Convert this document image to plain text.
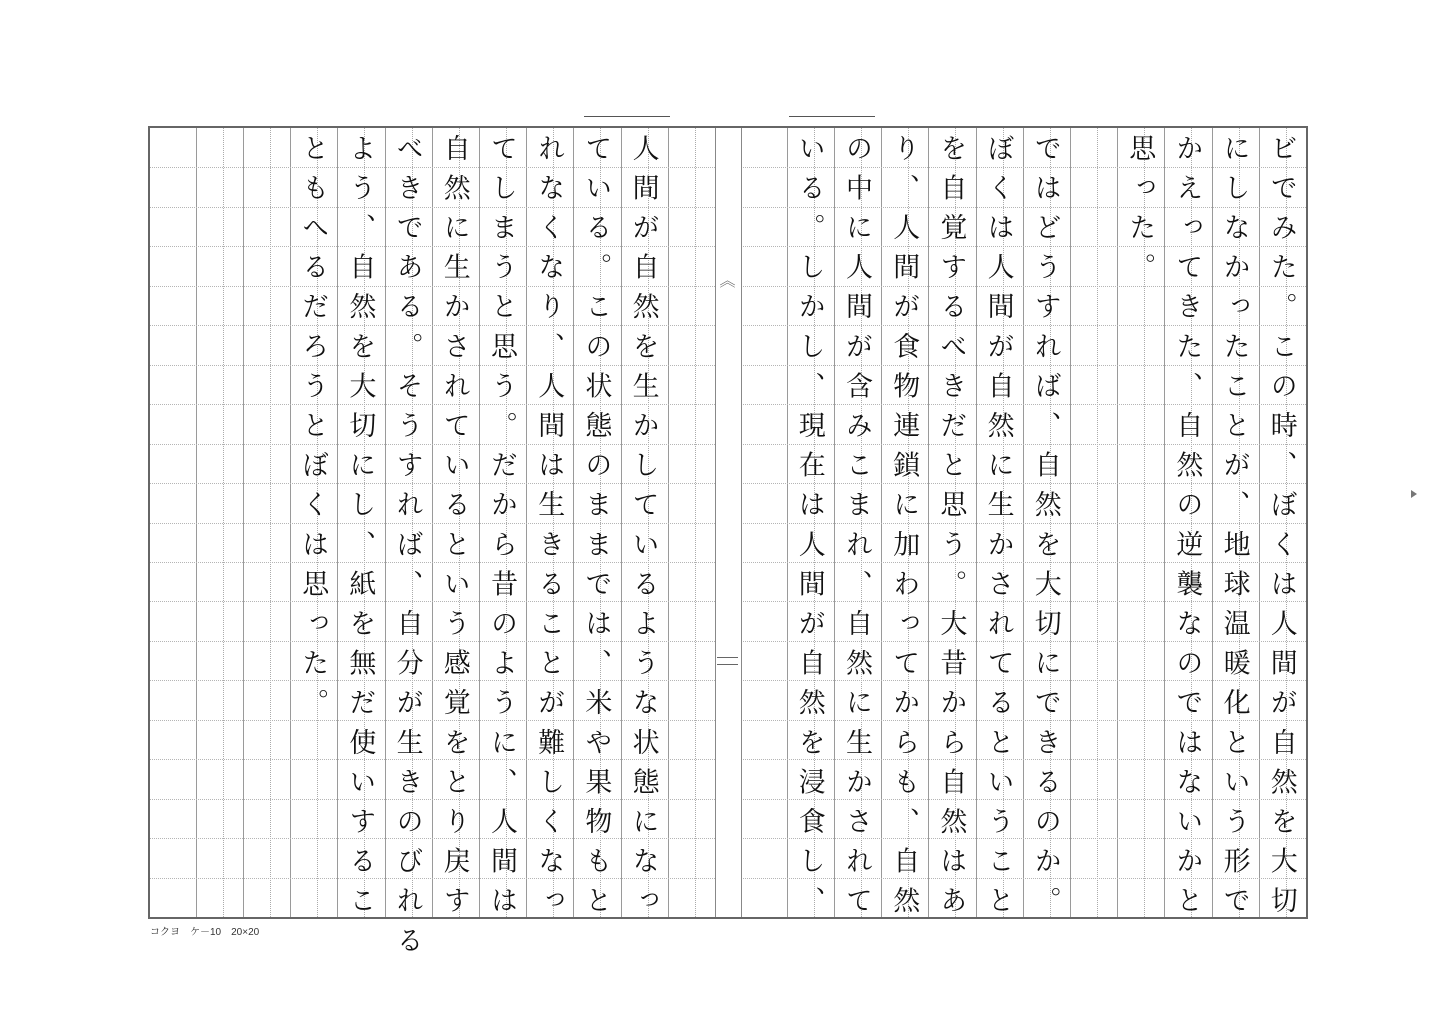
︽	ビでみた。この時、ぼくは人間が自然を大切
にしなかったことが、地球温暖化という形で
かえってきた、自然の逆襲なのではないかと
思った。
ではどうすれば、自然を大切にできるのか。
ぼくは人間が自然に生かされてるということ
を自覚するべきだと思う。大昔から自然はあ
り、人間が食物連鎖に加わってからも、自然
の中に人間が含みこまれ、自然に生かされて
いる。しかし、現在は人間が自然を浸食し、
人間が自然を生かしているような状態になっ
ている。この状態のままでは、米や果物もと
れなくなり、人間は生きることが難しくなっ
てしまうと思う。だから昔のように、人間は
自然に生かされているという感覚をとり戻す
べきである。そうすれば、自分が生きのびれる
よう、自然を大切にし、紙を無だ使いするこ
ともへるだろうとぼくは思った。
コクヨ　ケ－10　20×20
